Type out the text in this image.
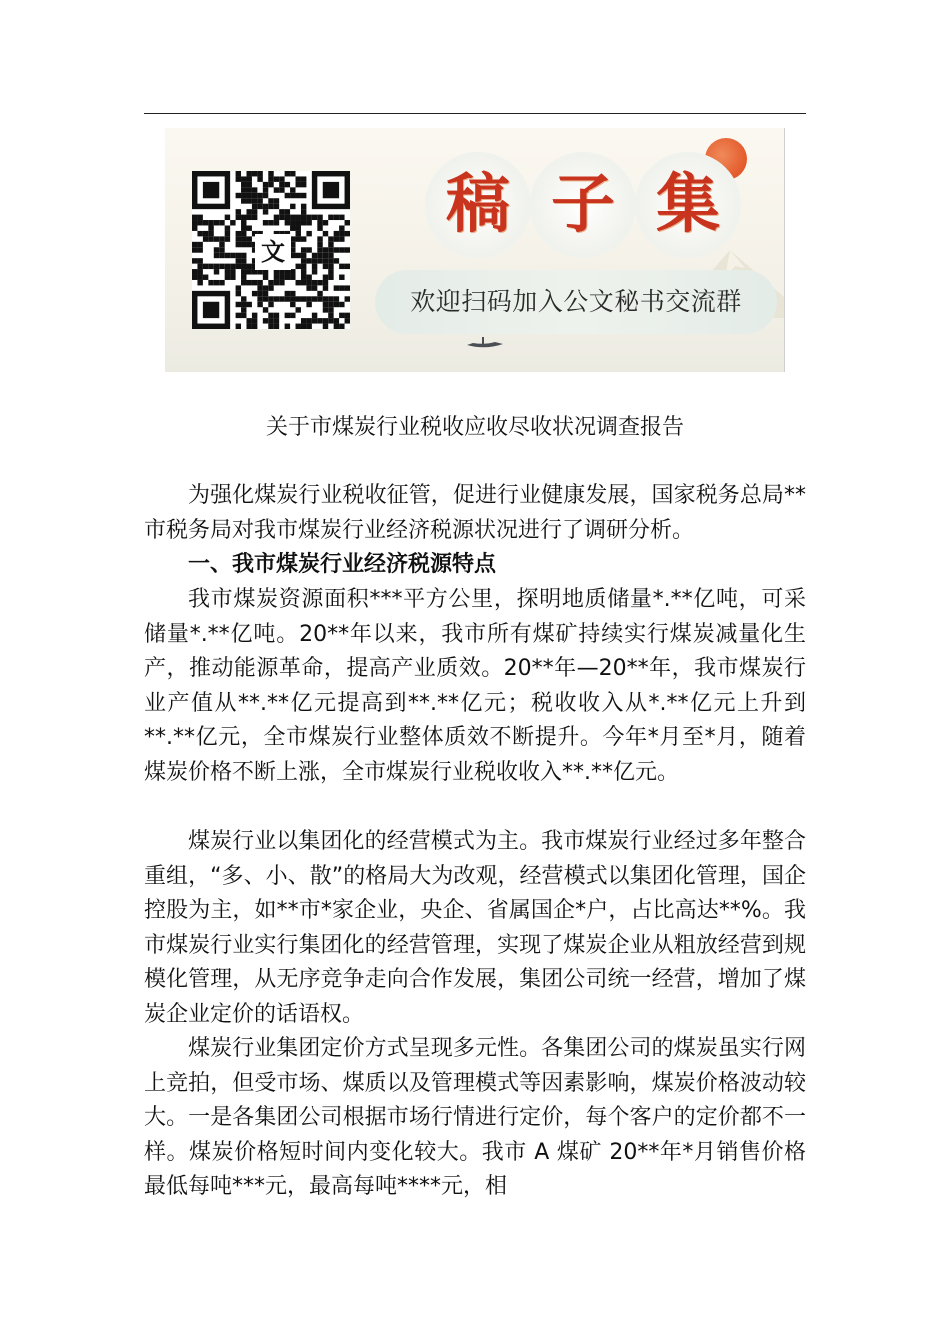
文
稿 子 集
欢迎扫码加入公文秘书交流群
关于市煤炭行业税收应收尽收状况调查报告

为强化煤炭行业税收征管，促进行业健康发展，国家税务总局**市税务局对我市煤炭行业经济税源状况进行了调研分析。

一、我市煤炭行业经济税源特点

我市煤炭资源面积***平方公里，探明地质储量*.**亿吨，可采储量*.**亿吨。20**年以来，我市所有煤矿持续实行煤炭减量化生产，推动能源革命，提高产业质效。20**年—20**年，我市煤炭行业产值从**.**亿元提高到**.**亿元；税收收入从*.**亿元上升到**.**亿元，全市煤炭行业整体质效不断提升。今年*月至*月，随着煤炭价格不断上涨，全市煤炭行业税收收入**.**亿元。

煤炭行业以集团化的经营模式为主。我市煤炭行业经过多年整合重组，“多、小、散”的格局大为改观，经营模式以集团化管理，国企控股为主，如**市*家企业，央企、省属国企*户，占比高达**%。我市煤炭行业实行集团化的经营管理，实现了煤炭企业从粗放经营到规模化管理，从无序竞争走向合作发展，集团公司统一经营，增加了煤炭企业定价的话语权。

煤炭行业集团定价方式呈现多元性。各集团公司的煤炭虽实行网上竞拍，但受市场、煤质以及管理模式等因素影响，煤炭价格波动较大。一是各集团公司根据市场行情进行定价，每个客户的定价都不一样。煤炭价格短时间内变化较大。我市 A 煤矿 20**年*月销售价格最低每吨***元，最高每吨****元，相
